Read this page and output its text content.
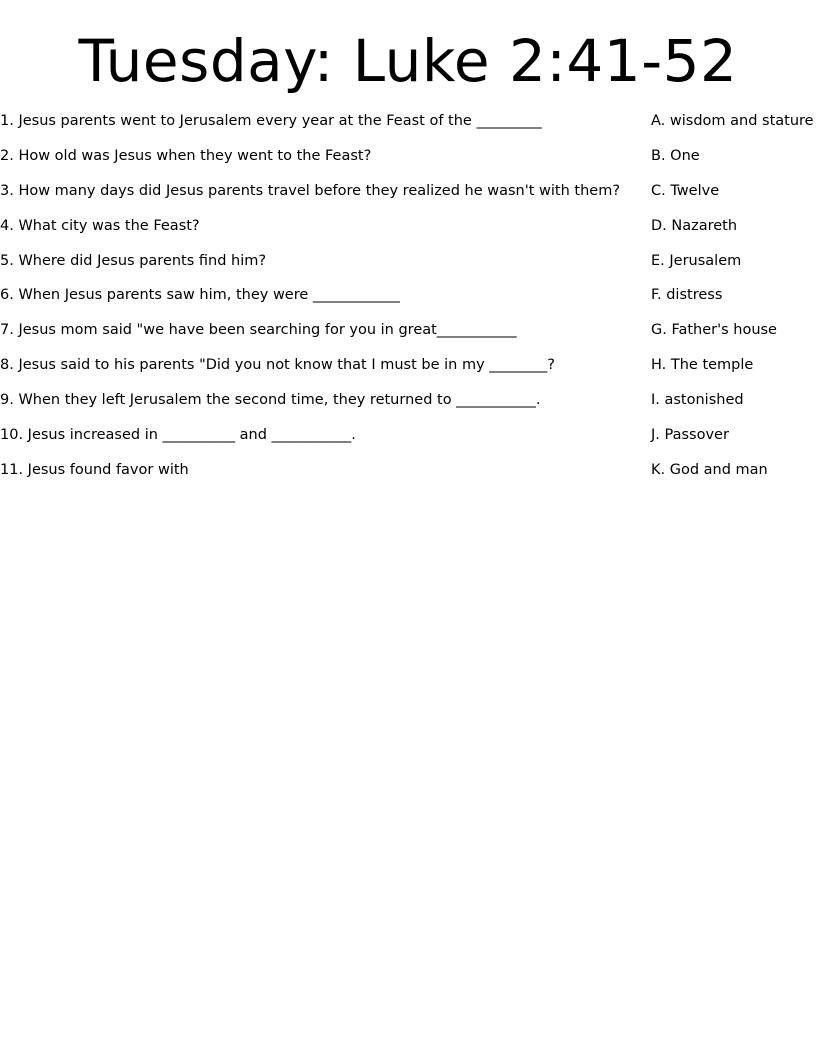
Tuesday: Luke 2:41-52
1. Jesus parents went to Jerusalem every year at the Feast of the _________	A. wisdom and stature
2. How old was Jesus when they went to the Feast?	B. One
3. How many days did Jesus parents travel before they realized he wasn't with them? C. Twelve
4. What city was the Feast?	D. Nazareth
5. Where did Jesus parents find him?	E. Jerusalem
6. When Jesus parents saw him, they were ____________	F. distress
7. Jesus mom said "we have been searching for you in great___________	G. Father's house
8. Jesus said to his parents "Did you not know that I must be in my ________?	H. The temple
9. When they left Jerusalem the second time, they returned to ___________.	I. astonished
10. Jesus increased in __________ and ___________.	J. Passover
11. Jesus found favor with	K. God and man
